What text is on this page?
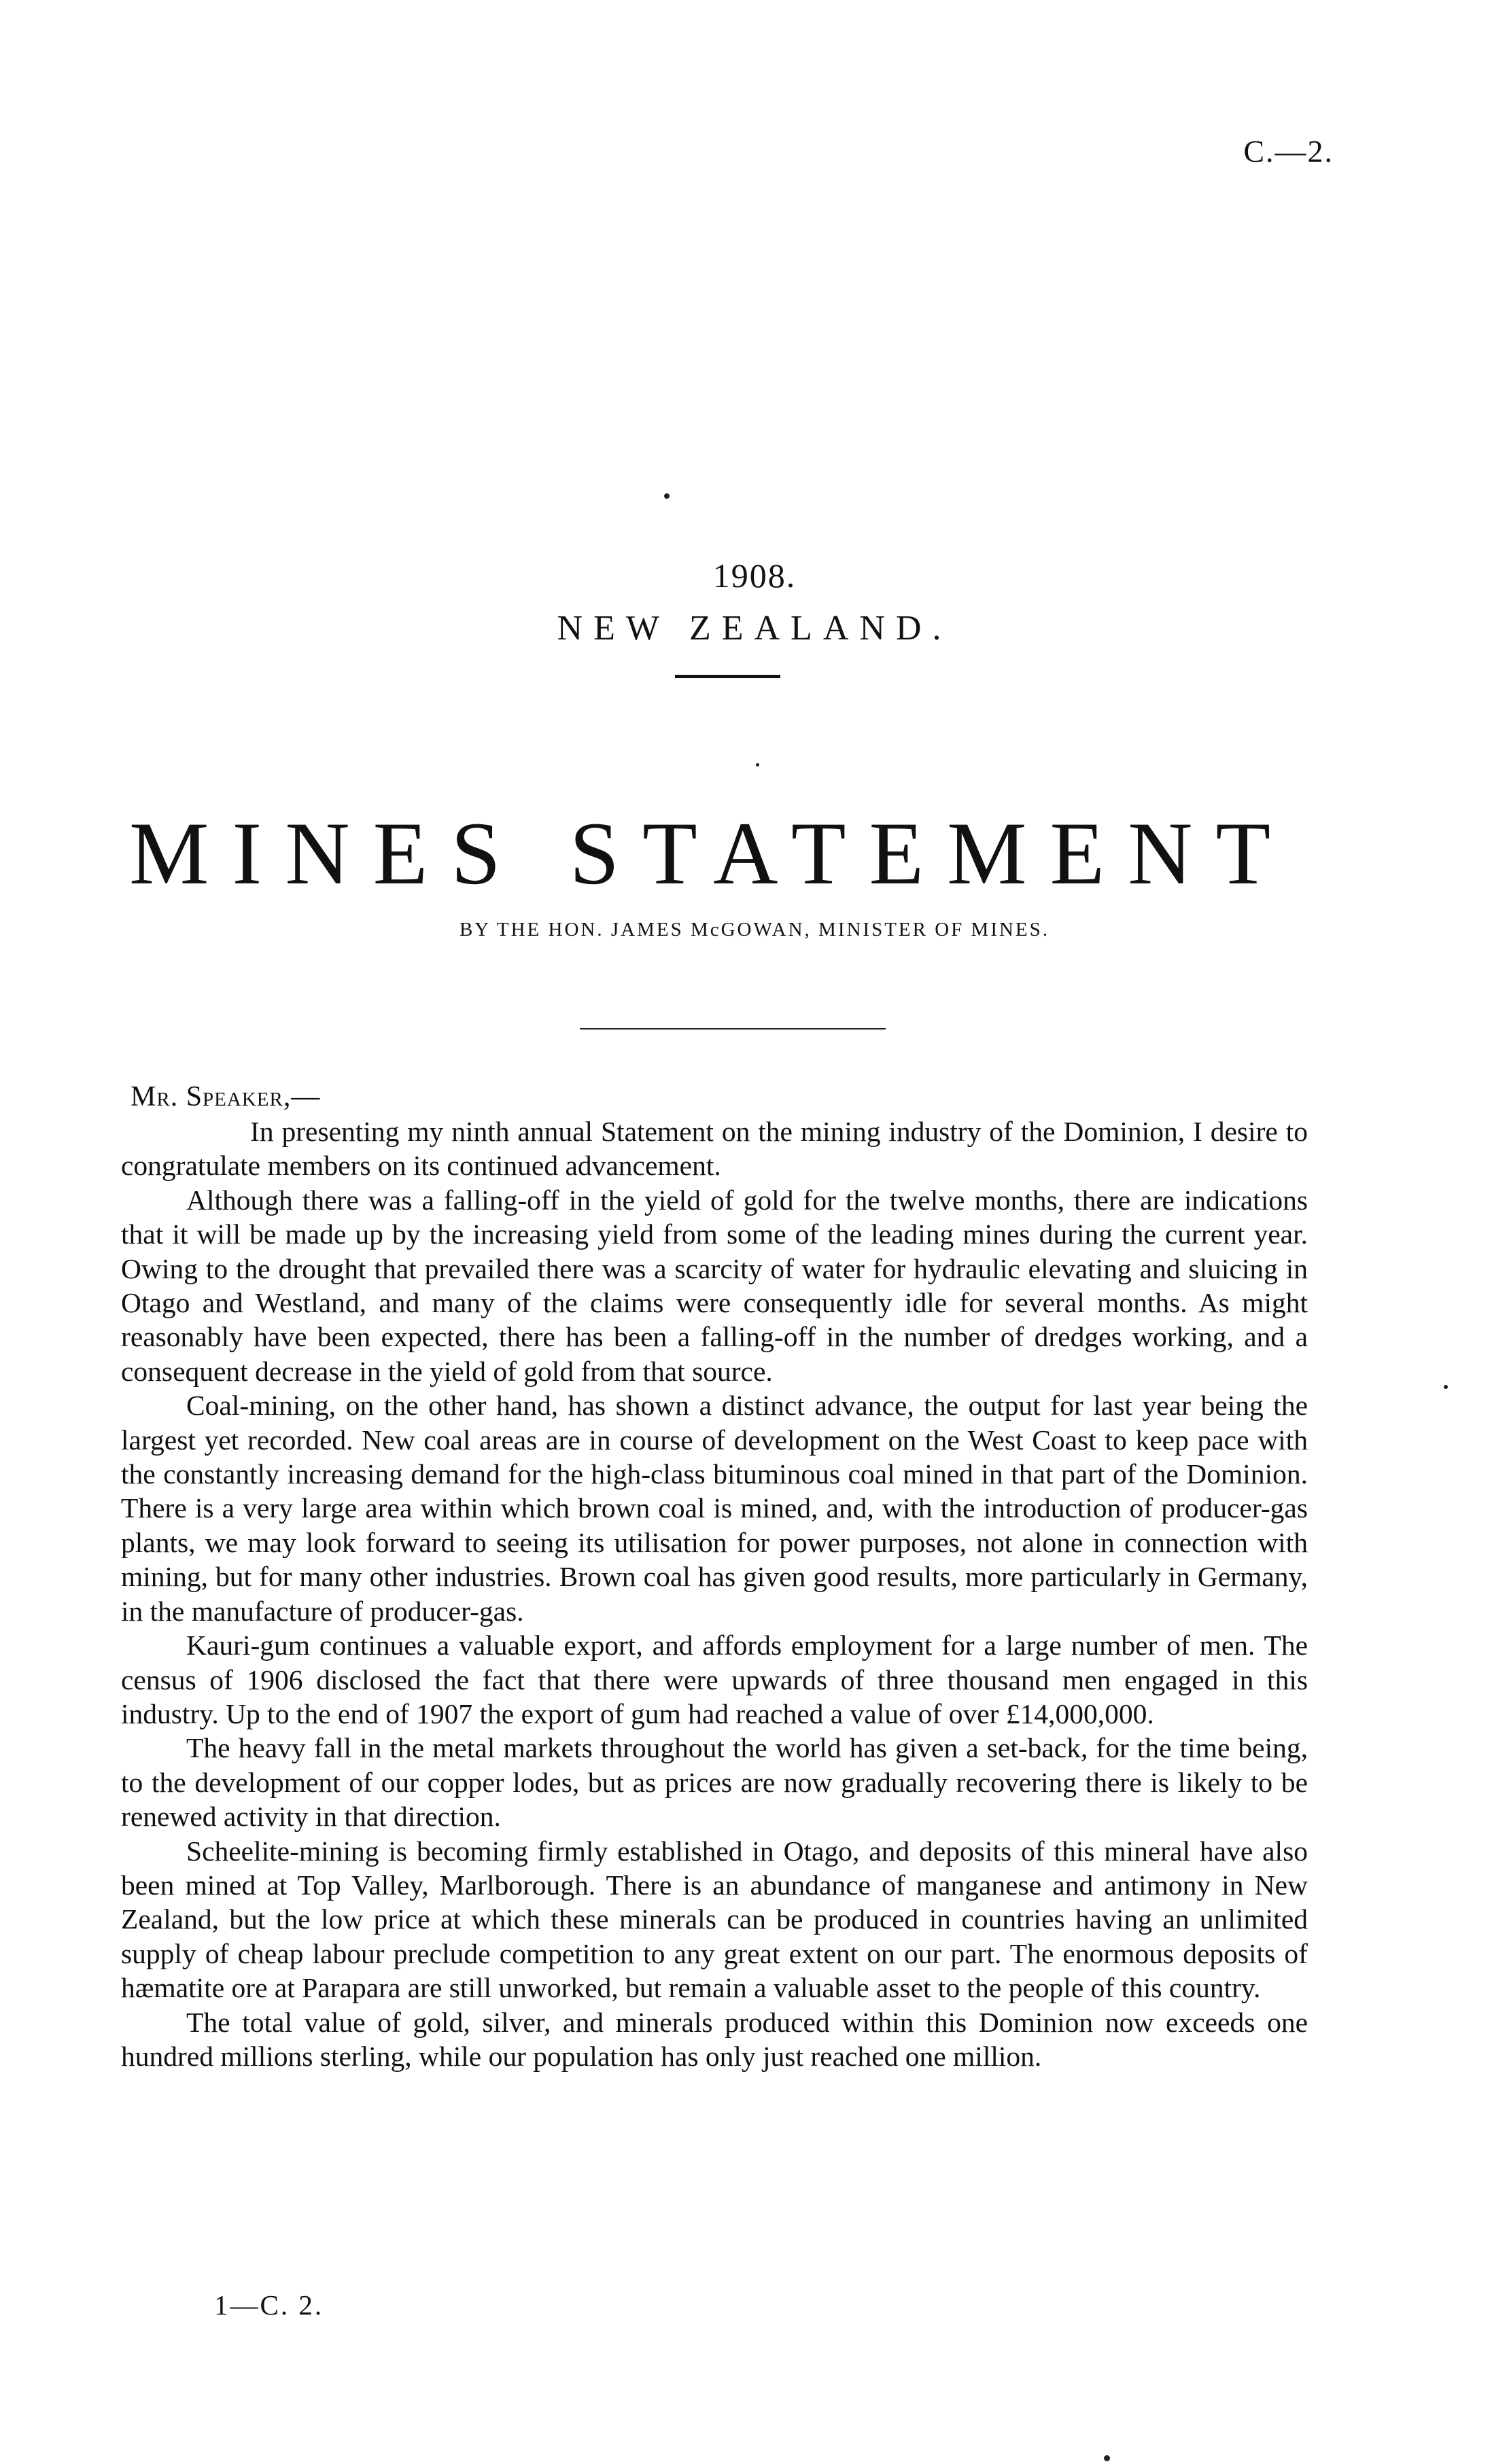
C.—2.
1908.
NEW ZEALAND.
MINES STATEMENT
BY THE HON. JAMES McGOWAN, MINISTER OF MINES.
Mr. Speaker,—

In presenting my ninth annual Statement on the mining industry of the Dominion, I desire to congratulate members on its continued advancement.

Although there was a falling-off in the yield of gold for the twelve months, there are indications that it will be made up by the increasing yield from some of the leading mines during the current year. Owing to the drought that prevailed there was a scarcity of water for hydraulic elevating and sluicing in Otago and Westland, and many of the claims were consequently idle for several months. As might reasonably have been expected, there has been a falling-off in the number of dredges working, and a consequent decrease in the yield of gold from that source.

Coal-mining, on the other hand, has shown a distinct advance, the output for last year being the largest yet recorded. New coal areas are in course of development on the West Coast to keep pace with the constantly increasing demand for the high-class bituminous coal mined in that part of the Dominion. There is a very large area within which brown coal is mined, and, with the introduction of producer-gas plants, we may look forward to seeing its utilisation for power purposes, not alone in connection with mining, but for many other industries. Brown coal has given good results, more particularly in Germany, in the manufacture of producer-gas.

Kauri-gum continues a valuable export, and affords employment for a large number of men. The census of 1906 disclosed the fact that there were upwards of three thousand men engaged in this industry. Up to the end of 1907 the export of gum had reached a value of over £14,000,000.

The heavy fall in the metal markets throughout the world has given a set-back, for the time being, to the development of our copper lodes, but as prices are now gradually recovering there is likely to be renewed activity in that direction.

Scheelite-mining is becoming firmly established in Otago, and deposits of this mineral have also been mined at Top Valley, Marlborough. There is an abundance of manganese and antimony in New Zealand, but the low price at which these minerals can be produced in countries having an unlimited supply of cheap labour preclude competition to any great extent on our part. The enormous deposits of hæmatite ore at Parapara are still unworked, but remain a valuable asset to the people of this country.

The total value of gold, silver, and minerals produced within this Dominion now exceeds one hundred millions sterling, while our population has only just reached one million.

1—C. 2.
